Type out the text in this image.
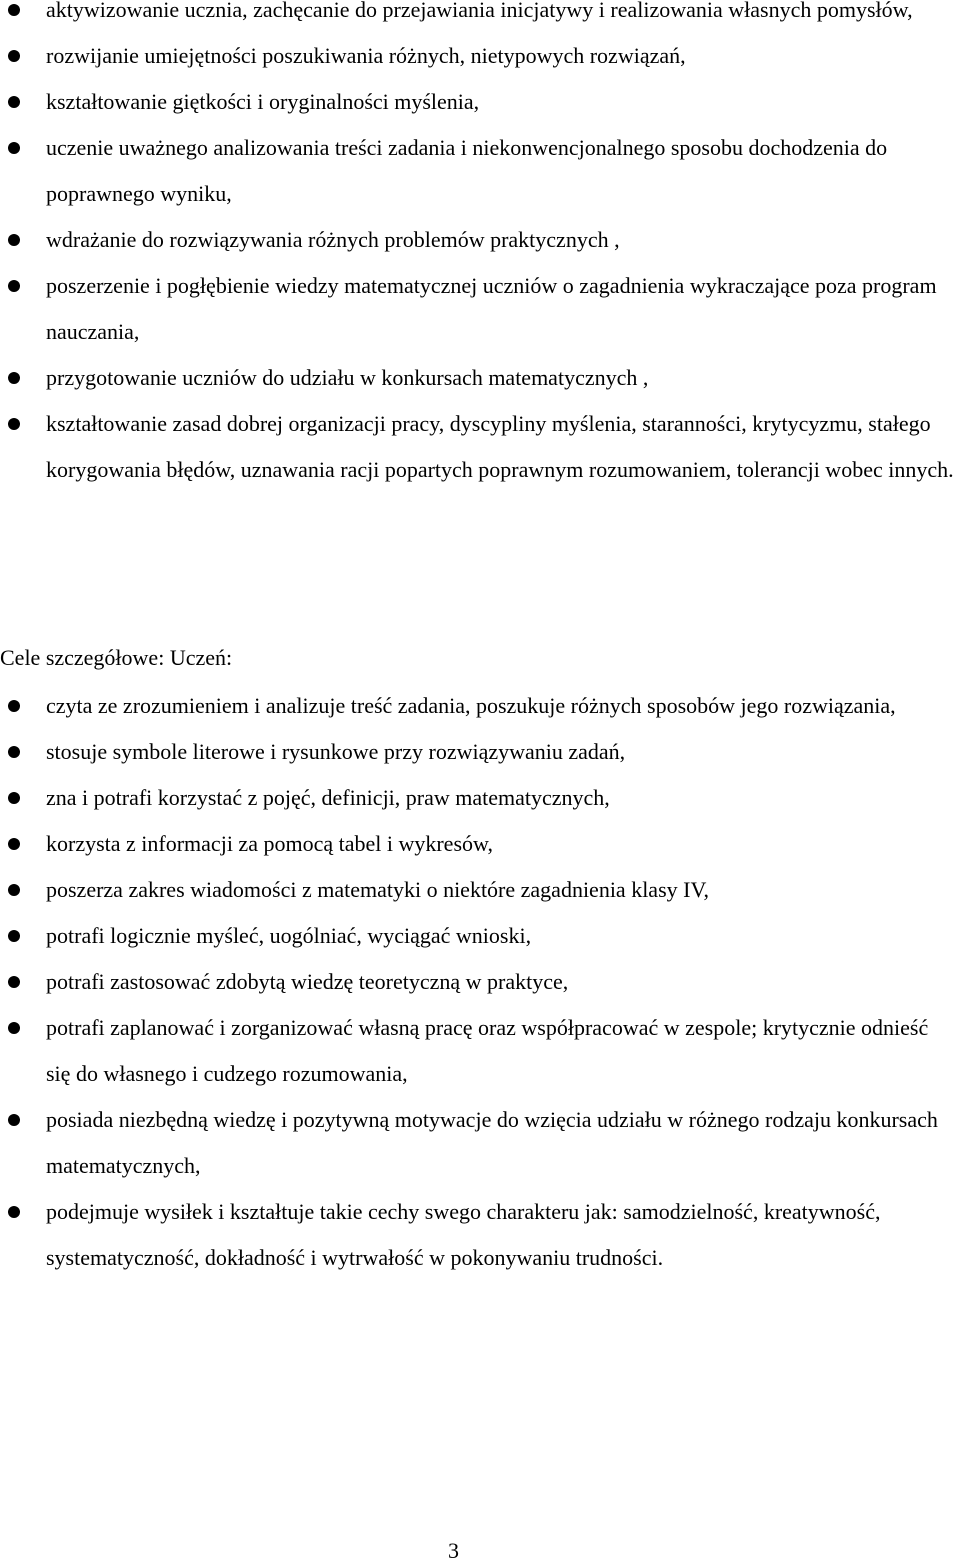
aktywizowanie ucznia, zachęcanie do przejawiania inicjatywy i realizowania własnych pomysłów,
rozwijanie umiejętności poszukiwania różnych, nietypowych rozwiązań,
kształtowanie giętkości i oryginalności myślenia,
uczenie uważnego analizowania treści zadania i niekonwencjonalnego sposobu dochodzenia do poprawnego wyniku,
wdrażanie do rozwiązywania różnych problemów praktycznych ,
poszerzenie i pogłębienie wiedzy matematycznej uczniów o zagadnienia wykraczające poza program nauczania,
przygotowanie uczniów do udziału w konkursach matematycznych ,
kształtowanie zasad dobrej organizacji pracy, dyscypliny myślenia, staranności, krytycyzmu, stałego korygowania błędów, uznawania racji popartych poprawnym rozumowaniem, tolerancji wobec innych.
Cele szczegółowe: Uczeń:
czyta ze zrozumieniem i analizuje treść zadania, poszukuje różnych sposobów jego rozwiązania,
stosuje symbole literowe i rysunkowe przy rozwiązywaniu zadań,
zna i potrafi korzystać z pojęć, definicji, praw matematycznych,
korzysta z informacji za pomocą tabel i wykresów,
poszerza zakres wiadomości z matematyki o niektóre zagadnienia klasy IV,
potrafi logicznie myśleć, uogólniać, wyciągać wnioski,
potrafi zastosować zdobytą wiedzę teoretyczną w praktyce,
potrafi zaplanować i zorganizować własną pracę oraz współpracować w zespole; krytycznie odnieść się do własnego i cudzego rozumowania,
posiada niezbędną wiedzę i pozytywną motywacje do wzięcia udziału w różnego rodzaju konkursach matematycznych,
podejmuje wysiłek i kształtuje takie cechy swego charakteru jak: samodzielność, kreatywność, systematyczność, dokładność i wytrwałość w pokonywaniu trudności.
3
